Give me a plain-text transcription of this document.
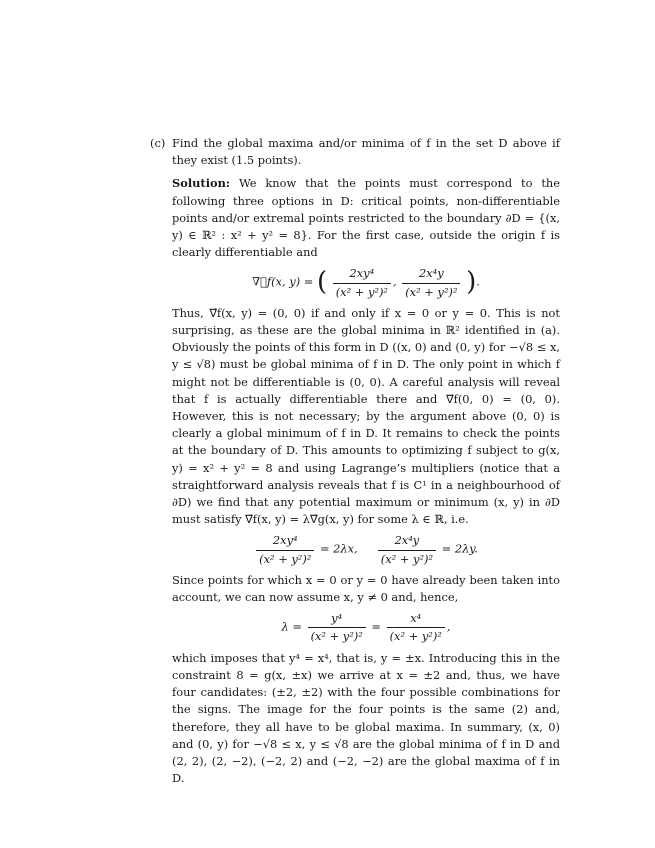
(c) Find the global maxima and/or minima of f in the set D above if they exist (1.5 points).

Solution: We know that the points must correspond to the following three options in D: critical points, non-differentiable points and/or extremal points restricted to the boundary ∂D = {(x, y) ∈ ℝ² : x² + y² = 8}. For the first case, outside the origin f is clearly differentiable and

∇⃗f(x, y) = ( $\frac{\text{2xy⁴}}{\text{(x² + y²)²}}$ , $\frac{\text{2x⁴y}}{\text{(x² + y²)²}}$ ).

Thus, ∇⃗f(x, y) = (0, 0) if and only if x = 0 or y = 0. This is not surprising, as these are the global minima in ℝ² identified in (a). Obviously the points of this form in D ((x, 0) and (0, y) for −√8 ≤ x, y ≤ √8) must be global minima of f in D. The only point in which f might not be differentiable is (0, 0). A careful analysis will reveal that f is actually differentiable there and ∇⃗f(0, 0) = (0, 0). However, this is not necessary; by the argument above (0, 0) is clearly a global minimum of f in D. It remains to check the points at the boundary of D. This amounts to optimizing f subject to g(x, y) = x² + y² = 8 and using Lagrange’s multipliers (notice that a straightforward analysis reveals that f is C¹ in a neighbourhood of ∂D) we find that any potential maximum or minimum (x, y) in ∂D must satisfy ∇⃗f(x, y) = λ∇⃗g(x, y) for some λ ∈ ℝ, i.e.

$\frac{\text{2xy⁴}}{\text{(x² + y²)²}} = 2\lambda x$, $\frac{\text{2x⁴y}}{\text{(x² + y²)²}} = 2\lambda y$.

Since points for which x = 0 or y = 0 have already been taken into account, we can now assume x, y ≠ 0 and, hence,

$\lambda = \frac{\text{y⁴}}{\text{(x² + y²)²}} = \frac{\text{x⁴}}{\text{(x² + y²)²}}$ ,

which imposes that y⁴ = x⁴, that is, y = ±x. Introducing this in the constraint 8 = g(x, ±x) we arrive at x = ±2 and, thus, we have four candidates: (±2, ±2) with the four possible combinations for the signs. The image for the four points is the same (2) and, therefore, they all have to be global maxima. In summary, (x, 0) and (0, y) for −√8 ≤ x, y ≤ √8 are the global minima of f in D and (2, 2), (2, −2), (−2, 2) and (−2, −2) are the global maxima of f in D.
